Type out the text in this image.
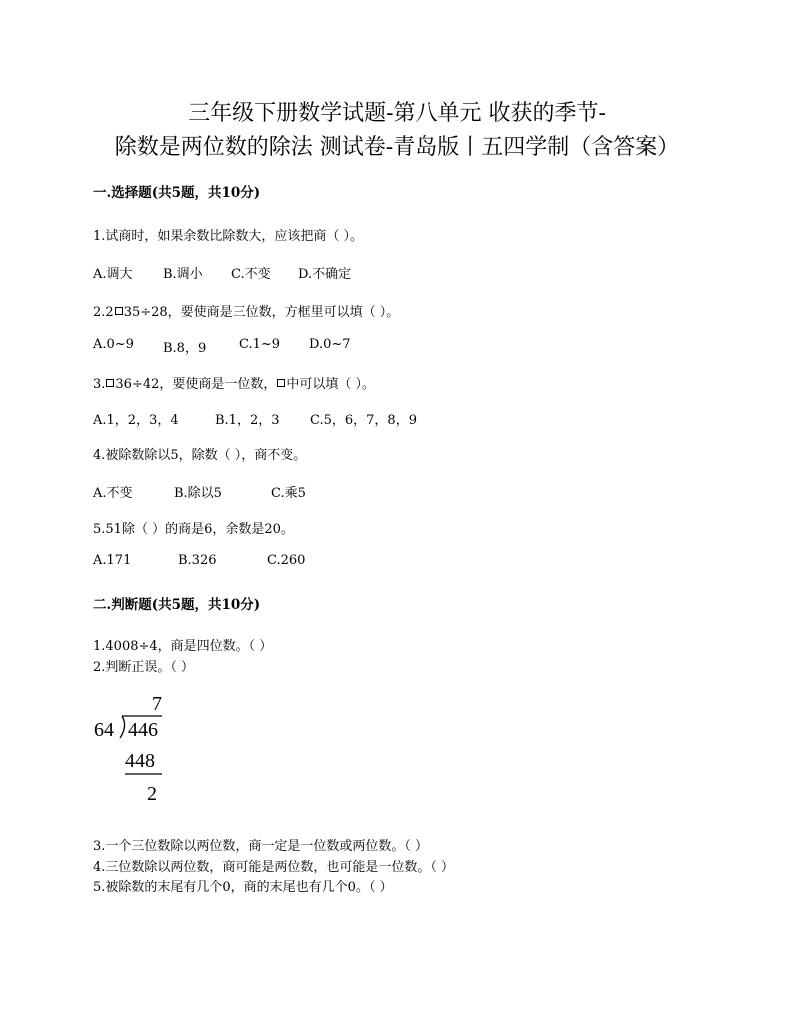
三年级下册数学试题-第八单元 收获的季节-
除数是两位数的除法 测试卷-青岛版丨五四学制（含答案）
一.选择题(共5题，共10分)
1.试商时，如果余数比除数大，应该把商（ ）。
A.调大 B.调小 C.不变 D.不确定
2.2 35÷28，要使商是三位数，方框里可以填（ ）。
A.0~9 B.8，9	C.1~9 D.0~7
3. 36÷42，要使商是一位数， 中可以填（ ）。
A.1，2，3，4	B.1，2，3 C.5，6，7，8，9
4.被除数除以5，除数（ ），商不变。
A.不变	B.除以5	C.乘5
5.51除（ ）的商是6，余数是20。
A.171	B.326	C.260
二.判断题(共5题，共10分)
1.4008÷4，商是四位数。（ ）
2.判断正误。（ ）
7
64 446
448
2
3.一个三位数除以两位数，商一定是一位数或两位数。（ ）
4.三位数除以两位数，商可能是两位数，也可能是一位数。（ ）
5.被除数的末尾有几个0，商的末尾也有几个0。（ ）
